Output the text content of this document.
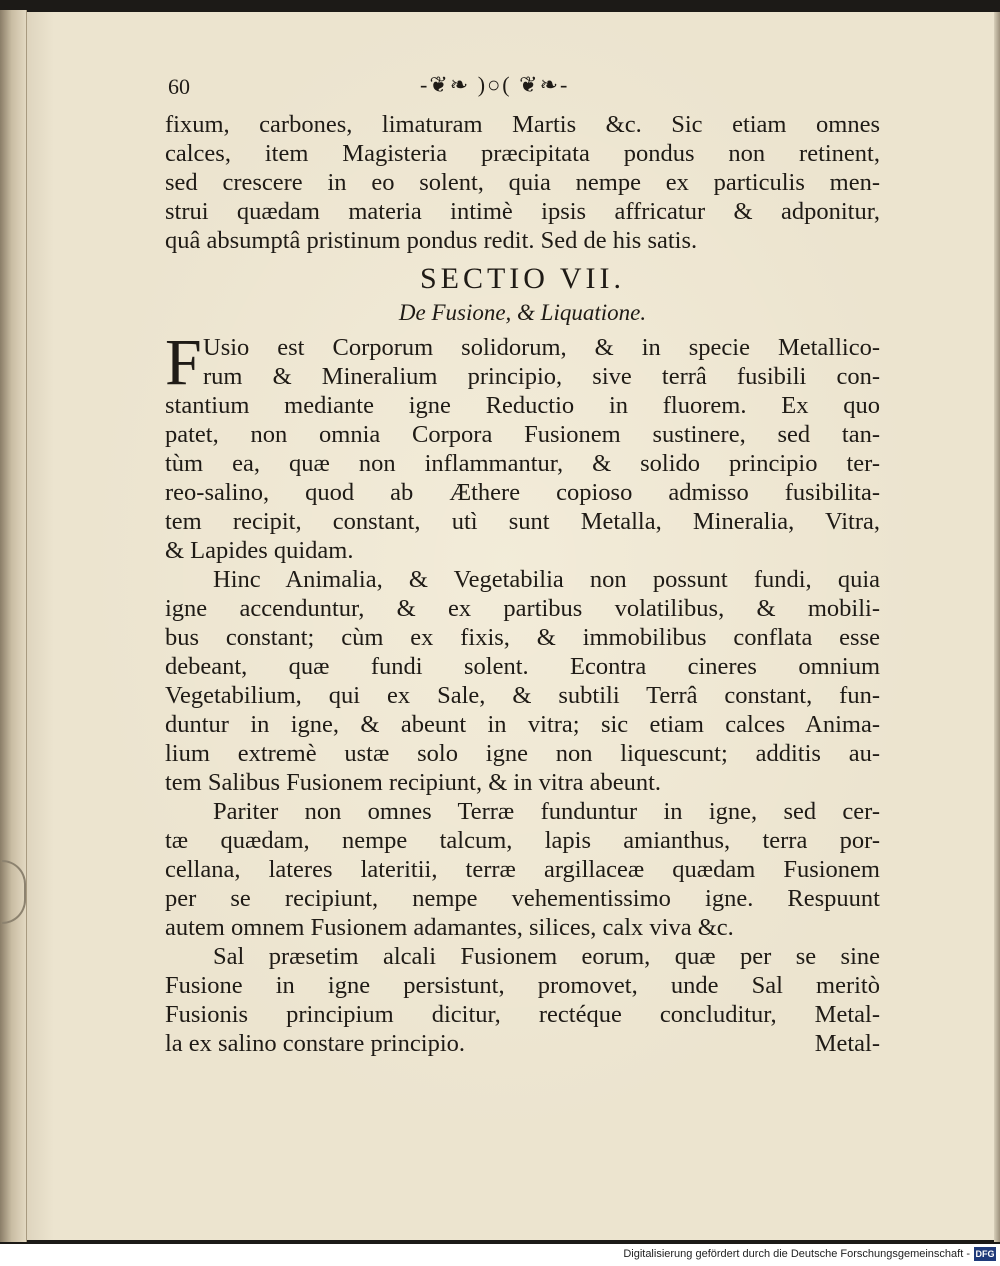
60	-❦❧ )○( ❦❧-

fixum, carbones, limaturam Martis &c. Sic etiam omnes

calces, item Magisteria præcipitata pondus non retinent,

sed crescere in eo solent, quia nempe ex particulis men-

strui quædam materia intimè ipsis affricatur & adponitur,

quâ absumptâ pristinum pondus redit. Sed de his satis.

SECTIO VII.
De Fusione, & Liquatione.
F Usio est Corporum solidorum, & in specie Metallico-

rum & Mineralium principio, sive terrâ fusibili con-

stantium mediante igne Reductio in fluorem. Ex quo

patet, non omnia Corpora Fusionem sustinere, sed tan-

tùm ea, quæ non inflammantur, & solido principio ter-

reo-salino, quod ab Æthere copioso admisso fusibilita-

tem recipit, constant, utì sunt Metalla, Mineralia, Vitra,

& Lapides quidam.

Hinc Animalia, & Vegetabilia non possunt fundi, quia

igne accenduntur, & ex partibus volatilibus, & mobili-

bus constant; cùm ex fixis, & immobilibus conflata esse

debeant, quæ fundi solent. Econtra cineres omnium

Vegetabilium, qui ex Sale, & subtili Terrâ constant, fun-

duntur in igne, & abeunt in vitra; sic etiam calces Anima-

lium extremè ustæ solo igne non liquescunt; additis au-

tem Salibus Fusionem recipiunt, & in vitra abeunt.

Pariter non omnes Terræ funduntur in igne, sed cer-

tæ quædam, nempe talcum, lapis amianthus, terra por-

cellana, lateres lateritii, terræ argillaceæ quædam Fusionem

per se recipiunt, nempe vehementissimo igne. Respuunt

autem omnem Fusionem adamantes, silices, calx viva &c.

Sal præsetim alcali Fusionem eorum, quæ per se sine

Fusione in igne persistunt, promovet, unde Sal meritò

Fusionis principium dicitur, rectéque concluditur, Metal-

la ex salino constare principio.	Metal-

Digitalisierung gefördert durch die Deutsche Forschungsgemeinschaft - DFG
